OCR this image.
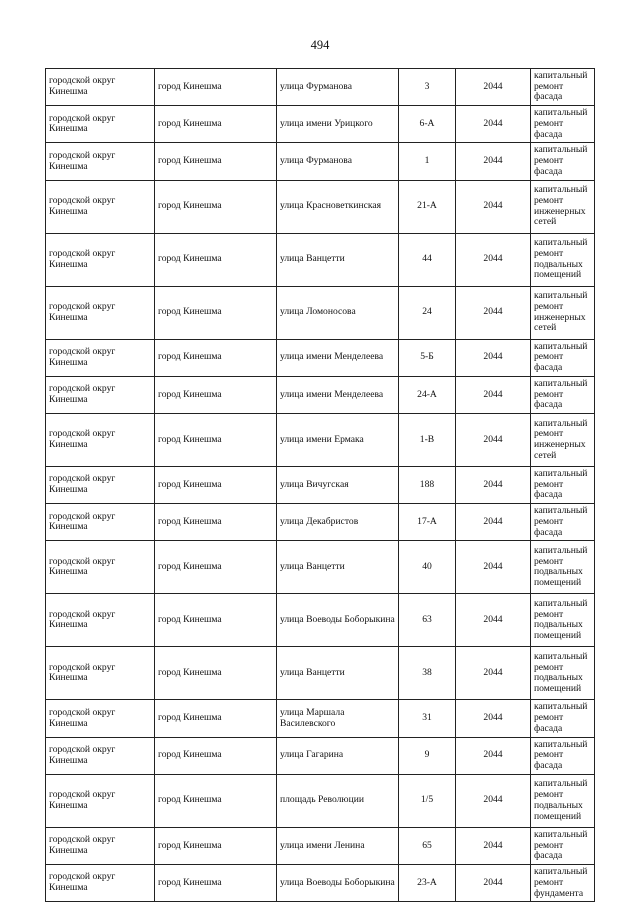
494
городской округ Кинешма	город Кинешма	улица Фурманова	3	2044	капитальный ремонт фасада
городской округ Кинешма	город Кинешма	улица имени Урицкого	6-А	2044	капитальный ремонт фасада
городской округ Кинешма	город Кинешма	улица Фурманова	1	2044	капитальный ремонт фасада
городской округ Кинешма	город Кинешма	улица Красноветкинская	21-А	2044	капитальный ремонт инженерных сетей
городской округ Кинешма	город Кинешма	улица Ванцетти	44	2044	капитальный ремонт подвальных помещений
городской округ Кинешма	город Кинешма	улица Ломоносова	24	2044	капитальный ремонт инженерных сетей
городской округ Кинешма	город Кинешма	улица имени Менделеева	5-Б	2044	капитальный ремонт фасада
городской округ Кинешма	город Кинешма	улица имени Менделеева	24-А	2044	капитальный ремонт фасада
городской округ Кинешма	город Кинешма	улица имени Ермака	1-В	2044	капитальный ремонт инженерных сетей
городской округ Кинешма	город Кинешма	улица Вичугская	188	2044	капитальный ремонт фасада
городской округ Кинешма	город Кинешма	улица Декабристов	17-А	2044	капитальный ремонт фасада
городской округ Кинешма	город Кинешма	улица Ванцетти	40	2044	капитальный ремонт подвальных помещений
городской округ Кинешма	город Кинешма	улица Воеводы Боборыкина	63	2044	капитальный ремонт подвальных помещений
городской округ Кинешма	город Кинешма	улица Ванцетти	38	2044	капитальный ремонт подвальных помещений
городской округ Кинешма	город Кинешма	улица Маршала Василевского	31	2044	капитальный ремонт фасада
городской округ Кинешма	город Кинешма	улица Гагарина	9	2044	капитальный ремонт фасада
городской округ Кинешма	город Кинешма	площадь Революции	1/5	2044	капитальный ремонт подвальных помещений
городской округ Кинешма	город Кинешма	улица имени Ленина	65	2044	капитальный ремонт фасада
городской округ Кинешма	город Кинешма	улица Воеводы Боборыкина	23-А	2044	капитальный ремонт фундамента
